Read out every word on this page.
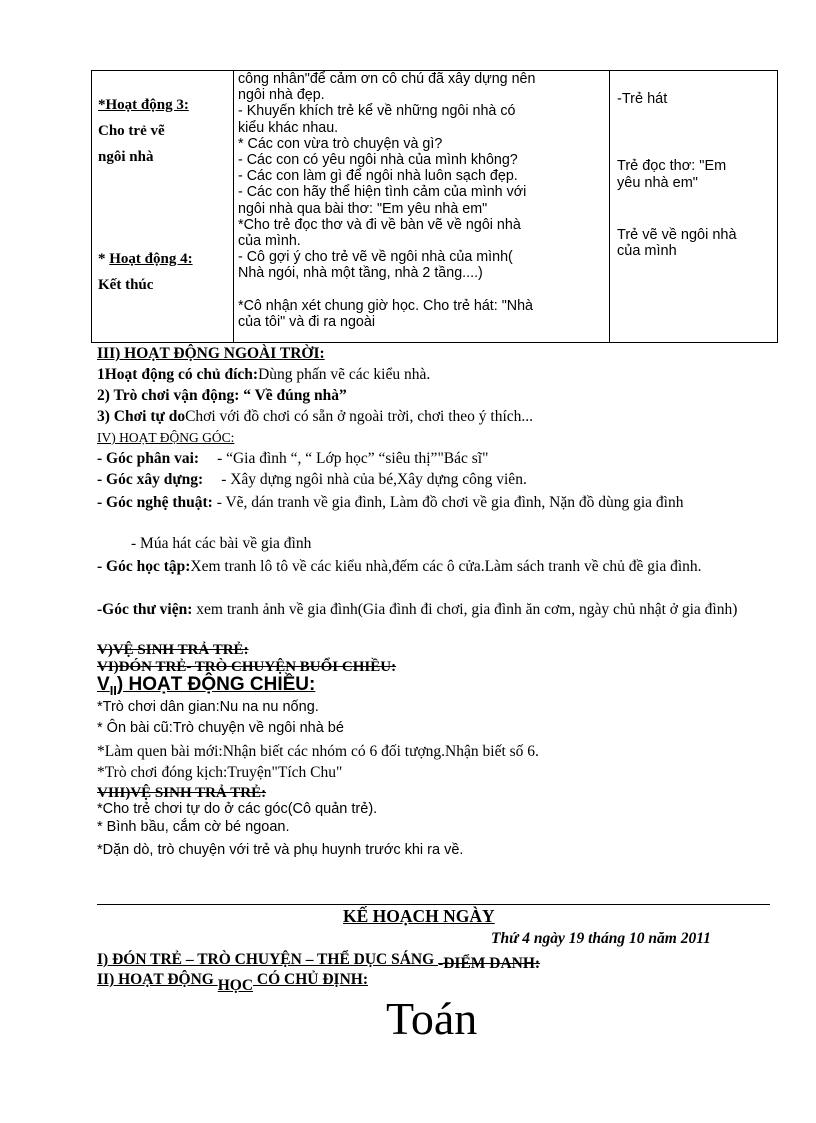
*Hoạt động 3:
Cho trẻ vẽ
ngôi nhà
* Hoạt động 4:
Kết thúc
công nhân"để cảm ơn cô chú đã xây dựng nên
ngôi nhà đẹp.
- Khuyến khích trẻ kể về những ngôi nhà có
kiểu khác nhau.
* Các con vừa trò chuyện và gì?
- Các con có yêu ngôi nhà của mình không?
- Các con làm gì để ngôi nhà luôn sạch đẹp.
- Các con hãy thể hiện tình cảm của mình với
ngôi nhà qua bài thơ: "Em yêu nhà em"
*Cho trẻ đọc thơ và đi về bàn vẽ về ngôi nhà
của mình.
- Cô gợi ý cho trẻ vẽ về ngôi nhà của mình(
Nhà ngói, nhà một tầng, nhà 2 tầng....)
*Cô nhận xét chung giờ học. Cho trẻ hát: "Nhà
của tôi" và đi ra ngoài
-Trẻ hát
Trẻ đọc thơ: "Em
yêu nhà em"
Trẻ vẽ về ngôi nhà
của mình
III) HOẠT ĐỘNG NGOÀI TRỜI:
1Hoạt động có chủ đích:Dùng phấn vẽ các kiểu nhà.
2) Trò chơi vận động: “ Về đúng nhà”
3) Chơi tự doChơi với đồ chơi có sẵn ở ngoài trời, chơi theo ý thích...
IV) HOẠT ĐỘNG GÓC:
- Góc phân vai: - “Gia đình “, “ Lớp học” “siêu thị”"Bác sĩ"
- Góc xây dựng: - Xây dựng ngôi nhà của bé,Xây dựng công viên.
- Góc nghệ thuật: - Vẽ, dán tranh về gia đình, Làm đồ chơi về gia đình, Nặn đồ dùng gia đình
- Múa hát các bài về gia đình
- Góc học tập:Xem tranh lô tô về các kiểu nhà,đếm các ô cửa.Làm sách tranh về chủ đề gia đình.
-Góc thư viện: xem tranh ảnh về gia đình(Gia đình đi chơi, gia đình ăn cơm, ngày chủ nhật ở gia đình)
V)VỆ SINH TRẢ TRẺ:
VI)ĐÓN TRẺ- TRÒ CHUYỆN BUỔI CHIỀU:
$V_{II}$) HOẠT ĐỘNG CHIỀU:
*Trò chơi dân gian:Nu na nu nống.
* Ôn bài cũ:Trò chuyện về ngôi nhà bé
*Làm quen bài mới:Nhận biết các nhóm có 6 đối tượng.Nhận biết số 6.
*Trò chơi đóng kịch:Truyện"Tích Chu"
VIII)VỆ SINH TRẢ TRẺ:
*Cho trẻ chơi tự do ở các góc(Cô quản trẻ).
* Bình bầu, cắm cờ bé ngoan.
*Dặn dò, trò chuyện với trẻ và phụ huynh trước khi ra về.
KẾ HOẠCH NGÀY
Thứ 4 ngày 19 tháng 10 năm 2011
I) ĐÓN TRẺ – TRÒ CHUYỆN – THỂ DỤC SÁNG -ĐIỂM DANH:
II) HOẠT ĐỘNG HỌC CÓ CHỦ ĐỊNH:
Toán
